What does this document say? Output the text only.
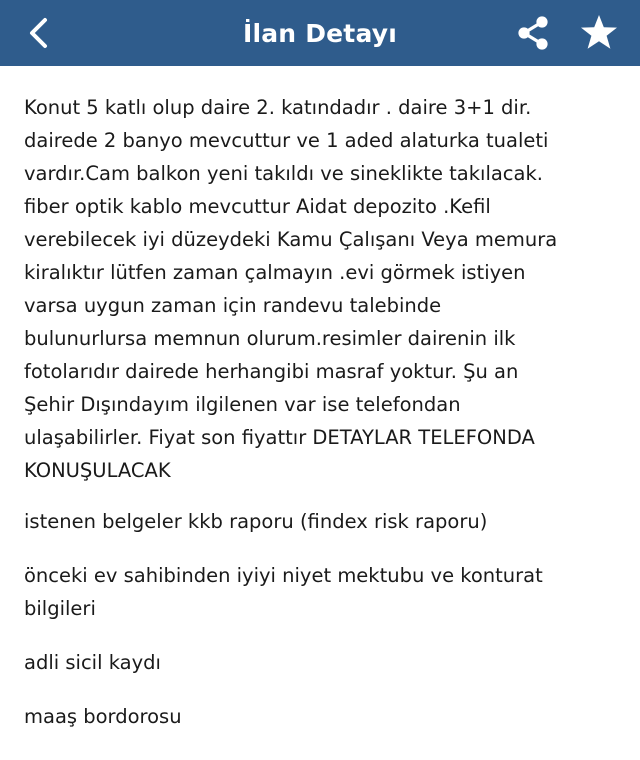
İlan Detayı

Konut 5 katlı olup daire 2. katındadır . daire 3+1 dir.
dairede 2 banyo mevcuttur ve 1 aded alaturka tualeti
vardır.Cam balkon yeni takıldı ve sineklikte takılacak.
fiber optik kablo mevcuttur Aidat depozito .Kefil
verebilecek iyi düzeydeki Kamu Çalışanı Veya memura
kiralıktır lütfen zaman çalmayın .evi görmek istiyen
varsa uygun zaman için randevu talebinde
bulunurlursa memnun olurum.resimler dairenin ilk
fotolarıdır dairede herhangibi masraf yoktur. Şu an
Şehir Dışındayım ilgilenen var ise telefondan
ulaşabilirler. Fiyat son fiyattır DETAYLAR TELEFONDA
KONUŞULACAK

istenen belgeler kkb raporu (findex risk raporu)

önceki ev sahibinden iyiyi niyet mektubu ve konturat
bilgileri

adli sicil kaydı

maaş bordorosu
